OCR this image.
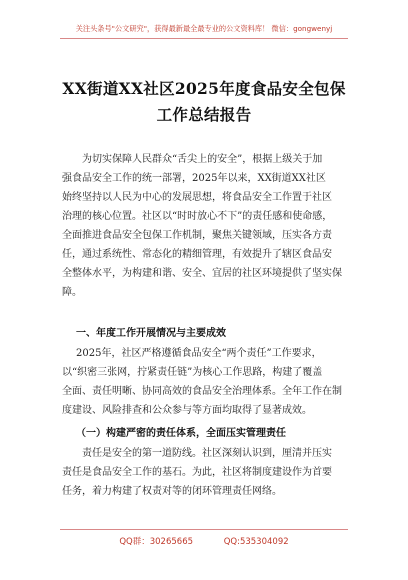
关注头条号"公文研究"，获得最新最全最专业的公文资料库！ 微信：gongwenyj
XX街道XX社区2025年度食品安全包保
工作总结报告
为切实保障人民群众“舌尖上的安全”，根据上级关于加
强食品安全工作的统一部署，2025年以来，XX街道XX社区
始终坚持以人民为中心的发展思想，将食品安全工作置于社区
治理的核心位置。社区以“时时放心不下”的责任感和使命感，
全面推进食品安全包保工作机制，聚焦关键领域，压实各方责
任，通过系统性、常态化的精细管理，有效提升了辖区食品安
全整体水平，为构建和谐、安全、宜居的社区环境提供了坚实保
障。
一、年度工作开展情况与主要成效
2025年，社区严格遵循食品安全“两个责任”工作要求，
以“织密三张网，拧紧责任链”为核心工作思路，构建了覆盖
全面、责任明晰、协同高效的食品安全治理体系。全年工作在制
度建设、风险排查和公众参与等方面均取得了显著成效。
（一）构建严密的责任体系，全面压实管理责任
责任是安全的第一道防线。社区深刻认识到，厘清并压实
责任是食品安全工作的基石。为此，社区将制度建设作为首要
任务，着力构建了权责对等的闭环管理责任网络。
QQ群：30265665	QQ:535304092
